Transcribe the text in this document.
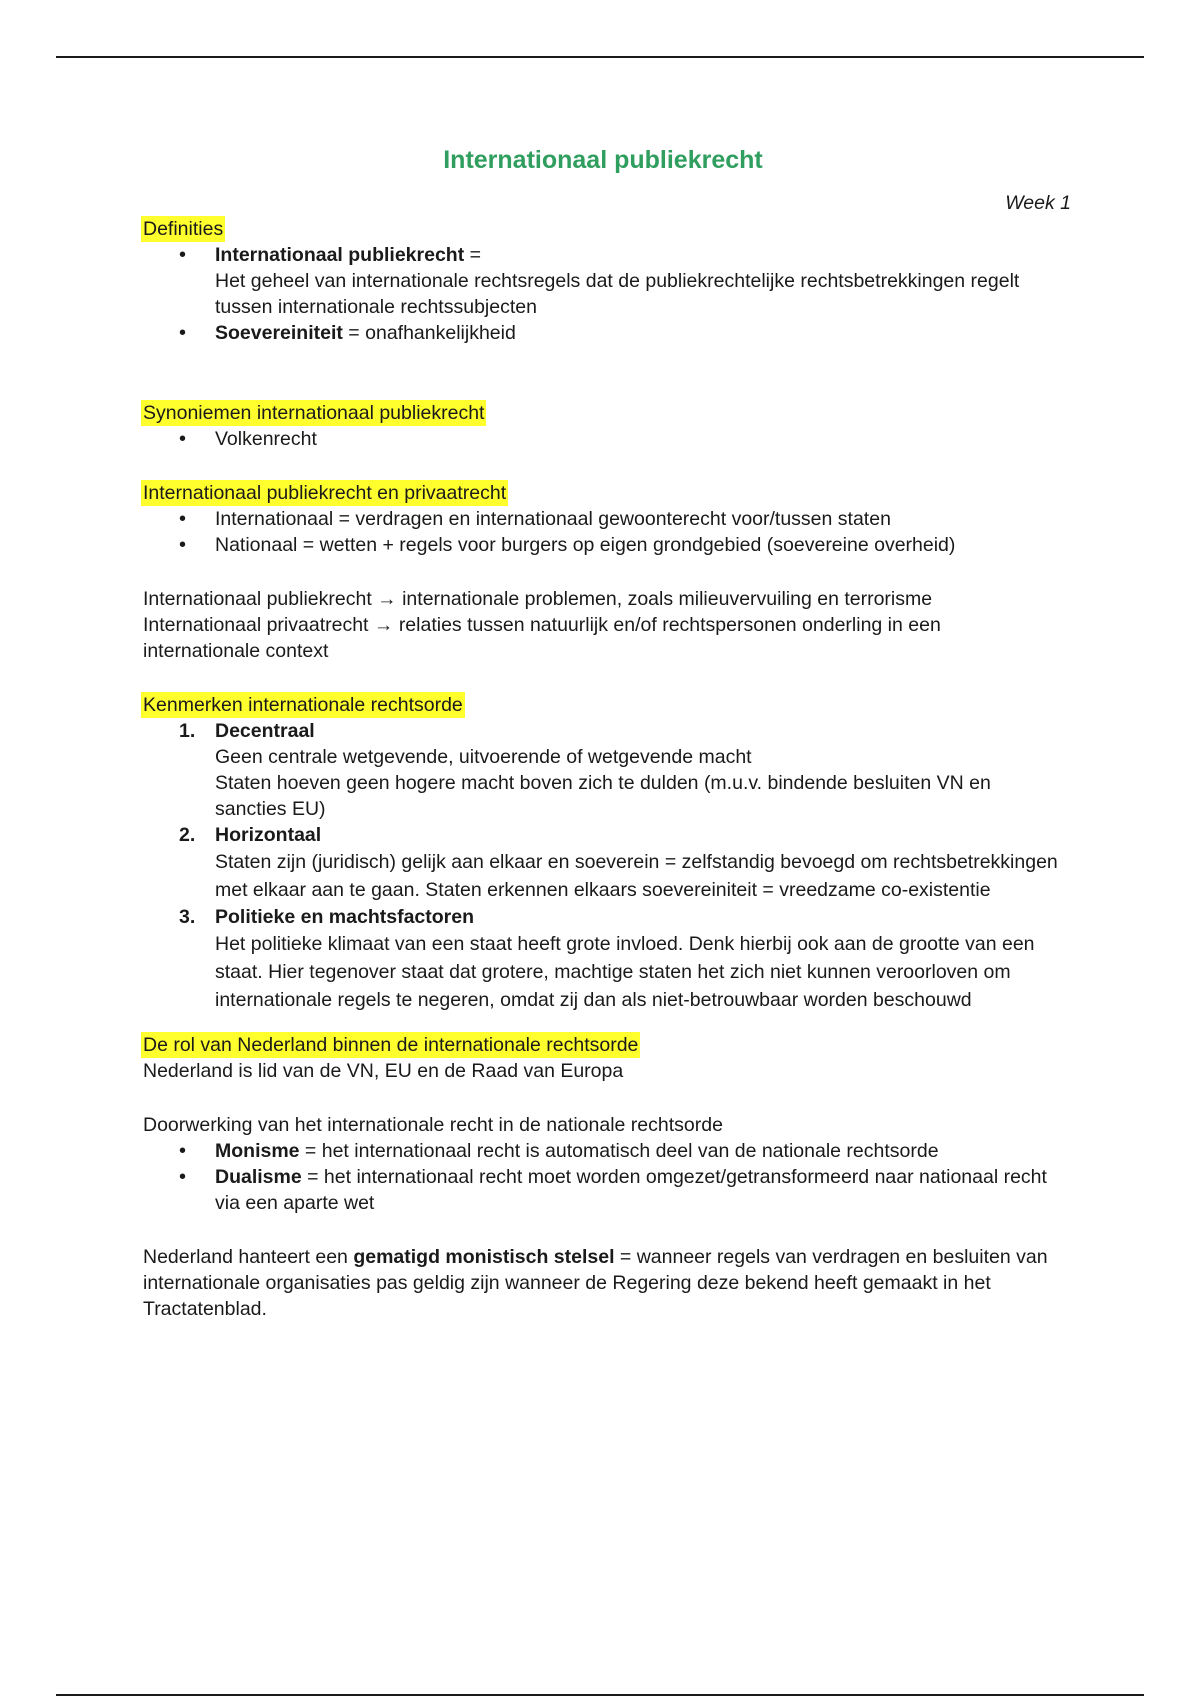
Internationaal publiekrecht
Week 1

Definities

• Internationaal publiekrecht =
Het geheel van internationale rechtsregels dat de publiekrechtelijke rechtsbetrekkingen regelt tussen internationale rechtssubjecten
• Soevereiniteit = onafhankelijkheid

Synoniemen internationaal publiekrecht

• Volkenrecht

Internationaal publiekrecht en privaatrecht

• Internationaal = verdragen en internationaal gewoonterecht voor/tussen staten
• Nationaal = wetten + regels voor burgers op eigen grondgebied (soevereine overheid)

Internationaal publiekrecht → internationale problemen, zoals milieuvervuiling en terrorisme

Internationaal privaatrecht → relaties tussen natuurlijk en/of rechtspersonen onderling in een internationale context

Kenmerken internationale rechtsorde

1. Decentraal

Geen centrale wetgevende, uitvoerende of wetgevende macht

Staten hoeven geen hogere macht boven zich te dulden (m.u.v. bindende besluiten VN en sancties EU)

2. Horizontaal

Staten zijn (juridisch) gelijk aan elkaar en soeverein = zelfstandig bevoegd om rechtsbetrekkingen met elkaar aan te gaan. Staten erkennen elkaars soevereiniteit = vreedzame co-existentie

3. Politieke en machtsfactoren

Het politieke klimaat van een staat heeft grote invloed. Denk hierbij ook aan de grootte van een staat. Hier tegenover staat dat grotere, machtige staten het zich niet kunnen veroorloven om internationale regels te negeren, omdat zij dan als niet-betrouwbaar worden beschouwd

De rol van Nederland binnen de internationale rechtsorde

Nederland is lid van de VN, EU en de Raad van Europa

Doorwerking van het internationale recht in de nationale rechtsorde

• Monisme = het internationaal recht is automatisch deel van de nationale rechtsorde
• Dualisme = het internationaal recht moet worden omgezet/getransformeerd naar nationaal recht via een aparte wet

Nederland hanteert een gematigd monistisch stelsel = wanneer regels van verdragen en besluiten van internationale organisaties pas geldig zijn wanneer de Regering deze bekend heeft gemaakt in het Tractatenblad.
